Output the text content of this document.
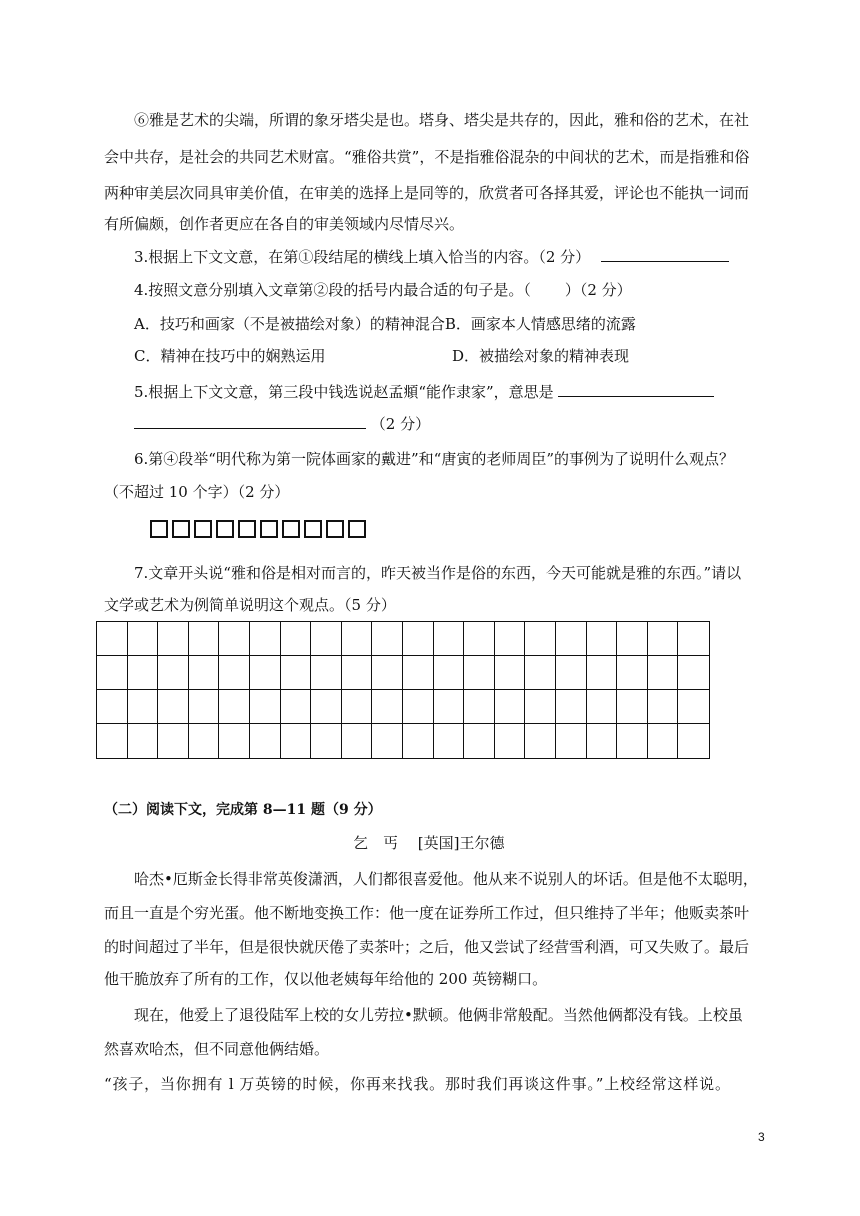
⑥雅是艺术的尖端，所谓的象牙塔尖是也。塔身、塔尖是共存的，因此，雅和俗的艺术，在社
会中共存，是社会的共同艺术财富。“雅俗共赏”，不是指雅俗混杂的中间状的艺术，而是指雅和俗
两种审美层次同具审美价值，在审美的选择上是同等的，欣赏者可各择其爱，评论也不能执一词而
有所偏颇，创作者更应在各自的审美领域内尽情尽兴。
3.根据上下文文意，在第①段结尾的横线上填入恰当的内容。（2 分）
4.按照文意分别填入文章第②段的括号内最合适的句子是。（ ）（2 分）
A．技巧和画家（不是被描绘对象）的精神混合B．画家本人情感思绪的流露
C．精神在技巧中的娴熟运用	D．被描绘对象的精神表现
5.根据上下文文意，第三段中钱选说赵孟頫“能作隶家”，意思是
（2 分）
6.第④段举“明代称为第一院体画家的戴进”和“唐寅的老师周臣”的事例为了说明什么观点？
（不超过 10 个字）（2 分）
7.文章开头说“雅和俗是相对而言的，昨天被当作是俗的东西，今天可能就是雅的东西。”请以
文学或艺术为例简单说明这个观点。（5 分）
（二）阅读下文，完成第 8—11 题（9 分）
乞　丐　 [英国]王尔德
哈杰•厄斯金长得非常英俊潇洒，人们都很喜爱他。他从来不说别人的坏话。但是他不太聪明，
而且一直是个穷光蛋。他不断地变换工作：他一度在证券所工作过，但只维持了半年；他贩卖茶叶
的时间超过了半年，但是很快就厌倦了卖茶叶；之后，他又尝试了经营雪利酒，可又失败了。最后
他干脆放弃了所有的工作，仅以他老姨每年给他的 200 英镑糊口。
现在，他爱上了退役陆军上校的女儿劳拉•默顿。他俩非常般配。当然他俩都没有钱。上校虽
然喜欢哈杰，但不同意他俩结婚。
“孩子，当你拥有 l 万英镑的时候，你再来找我。那时我们再谈这件事。”上校经常这样说。
3
